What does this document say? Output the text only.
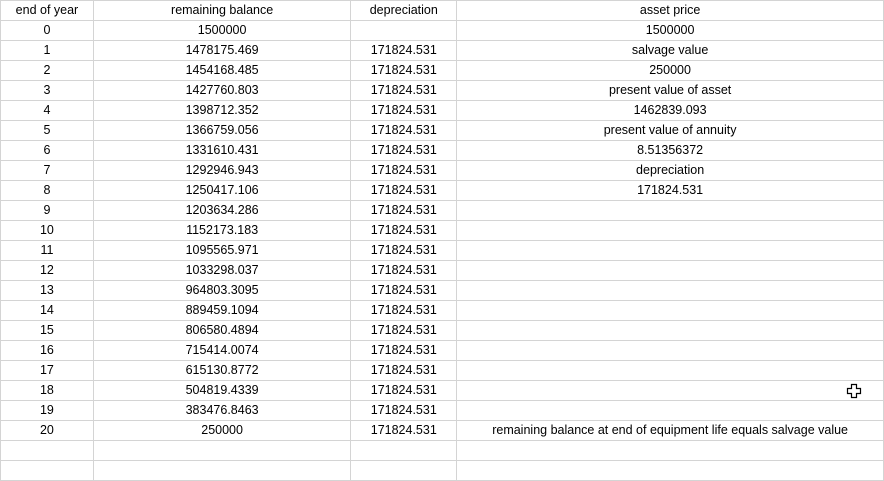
end of year	remaining balance	depreciation	asset price
0	1500000		1500000
1	1478175.469	171824.531	salvage value
2	1454168.485	171824.531	250000
3	1427760.803	171824.531	present value of asset
4	1398712.352	171824.531	1462839.093
5	1366759.056	171824.531	present value of annuity
6	1331610.431	171824.531	8.51356372
7	1292946.943	171824.531	depreciation
8	1250417.106	171824.531	171824.531
9	1203634.286	171824.531	
10	1152173.183	171824.531	
11	1095565.971	171824.531	
12	1033298.037	171824.531	
13	964803.3095	171824.531	
14	889459.1094	171824.531	
15	806580.4894	171824.531	
16	715414.0074	171824.531	
17	615130.8772	171824.531	
18	504819.4339	171824.531	
19	383476.8463	171824.531	
20	250000	171824.531	remaining balance at end of equipment life equals salvage value
